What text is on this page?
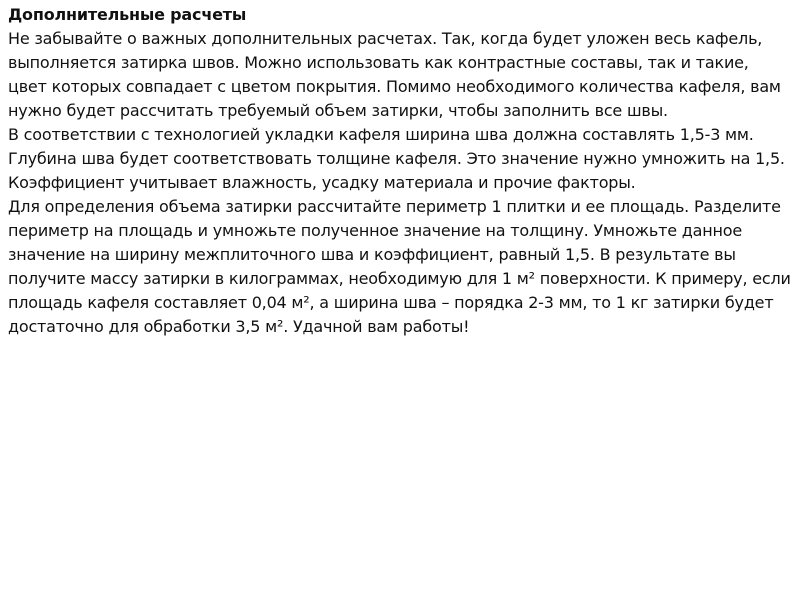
Дополнительные расчеты

Не забывайте о важных дополнительных расчетах. Так, когда будет уложен весь кафель, выполняется затирка швов. Можно использовать как контрастные составы, так и такие, цвет которых совпадает с цветом покрытия. Помимо необходимого количества кафеля, вам нужно будет рассчитать требуемый объем затирки, чтобы заполнить все швы.

В соответствии с технологией укладки кафеля ширина шва должна составлять 1,5-3 мм. Глубина шва будет соответствовать толщине кафеля. Это значение нужно умножить на 1,5. Коэффициент учитывает влажность, усадку материала и прочие факторы.

Для определения объема затирки рассчитайте периметр 1 плитки и ее площадь. Разделите периметр на площадь и умножьте полученное значение на толщину. Умножьте данное значение на ширину межплиточного шва и коэффициент, равный 1,5. В результате вы получите массу затирки в килограммах, необходимую для 1 м² поверхности. К примеру, если площадь кафеля составляет 0,04 м², а ширина шва – порядка 2-3 мм, то 1 кг затирки будет достаточно для обработки 3,5 м². Удачной вам работы!
